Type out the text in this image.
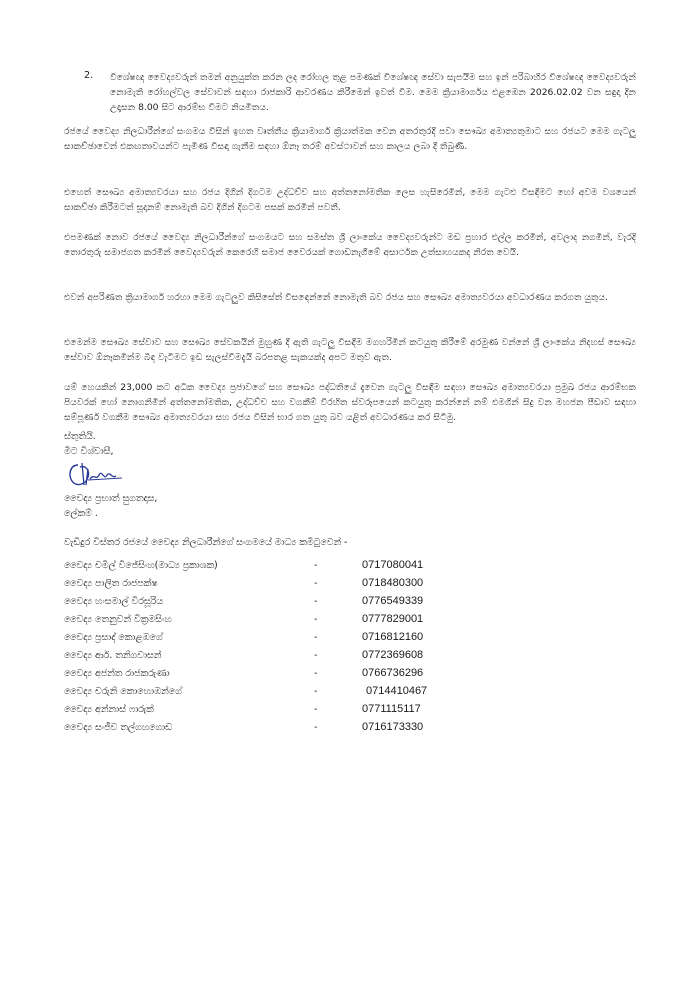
2. විශේෂඥ වෛද්‍යවරුන් තමන් අනුයුක්ත කරන ලද රෝහල තුළ පමණක් විශේෂඥ සේවා සැපයීම සහ ඉන් පරිබාහිර විශේෂඥ වෛද්‍යවරුන් නොමැති රෝහල්වල සේවාවන් සඳහා රාජකාරි ආවරණය කිරීමෙන් ඉවත් වීම. මෙම ක්‍රියාමාර්ගය එළඹෙන 2026.02.02 වන සඳුදා දින උදෑසන 8.00 සිට ආරම්භ වීමට නියමිතය.

රජයේ වෛද්‍ය නිලධාරීන්ගේ සංගමය විසින් ඉහත වෘත්තීය ක්‍රියාමාර්ග ක්‍රියාත්මක වෙන අතරතුරදී පවා සෞඛ්‍ය අමාත්‍යතුමාට සහ රජයට මෙම ගැටලු සාකච්ඡාවෙන් එකඟතාවයන්ට පැමිණ විසඳා ගැනීම සඳහා ඕනෑ තරම් අවස්ථාවන් සහ කාලය ලබා දී තිබුණි.

එහෙත් සෞඛ්‍ය අමාත්‍යවරයා සහ රජය දිගින් දිගටම උද්ධච්ච සහ අත්තනෝමතික ලෙස හැසිරෙමින්, මෙම ගැටළු විසඳීමට හෝ අවම වශයෙන් සාකච්ඡා කිරීමටත් සූදානම් නොමැති බව දිගින් දිගටම පසක් කරමින් පවතී.

එපමණක් නොව රජයේ වෛද්‍ය නිලධාරීන්ගේ සංගමයට සහ සමස්ත ශ්‍රී ලාංකේය වෛද්‍යවරුන්ට මඩ ප්‍රහාර එල්ල කරමින්, අවලාද නගමින්, වැරදි තොරතුරු සමාජගත කරමින් වෛද්‍යවරුන් කෙරෙහි සමාජ වෛරයක් ගොඩනැගීමේ අසාර්ථක උත්සාහයකද නිරත වෙයි.

එවන් අපරිණත ක්‍රියාමාර්ග හරහා මෙම ගැටලුව කිසිසේත් විසඳෙන්නේ නොමැති බව රජය සහ සෞඛ්‍ය අමාත්‍යවරයා අවධාරණය කරගත යුතුය.

එමෙන්ම සෞඛ්‍ය සේවාව සහ සෞඛ්‍ය සේවකයින් මුහුණ දී ඇති ගැටලු විසඳීම මගහරිමින් කටයුතු කිරීමේ අරමුණ වන්නේ ශ්‍රී ලාංකේය නිදහස් සෞඛ්‍ය සේවාව ඕනෑකමින්ම බිඳ වැටීමට ඉඩ සැලස්වීමදැයි බරපතළ සැකයක්ද අපට මතුව ඇත.

යම් හෙයකින් 23,000 කට අධික වෛද්‍ය ප්‍රජාවගේ සහ සෞඛ්‍ය පද්ධතියේ දැවෙන ගැටලු විසඳීම සඳහා සෞඛ්‍ය අමාත්‍යවරයා ප්‍රමුඛ රජය ආරම්භක පියවරක් හෝ නොගනිමින් අත්තනෝමතික, උද්ධච්ච සහ වගකීම් විරහිත ස්වරූපයෙන් කටයුතු කරන්නේ නම් එමගින් සිදු වන මහජන පීඩාව සඳහා සම්පූර්ණ වගකීම සෞඛ්‍ය අමාත්‍යවරයා සහ රජය විසින් භාර ගත යුතු බව යළිත් අවධාරණය කර සිටිමු.

ස්තුතියි.

මීට විශ්වාසී,

වෛද්‍ය ප්‍රභාත් සුගතදාස,

ලේකම් .

වැඩිදුර විස්තර රජයේ වෛද්‍ය නිලධාරීන්ගේ සංගමයේ මාධ්‍ය කමිටුවෙන් -

වෛද්‍ය චමිල් විජේසිංහ(මාධ්‍ය ප්‍රකාශක)	-	0717080041
වෛද්‍ය පාලිත රාජපක්ෂ	-	0718480300
වෛද්‍ය හංසමාල් විරසූරිය	-	0776549339
වෛද්‍ය තෙනුවන් වික්‍රමසිංහ	-	0777829001
වෛද්‍ය ප්‍රසාද් කොළඹගේ	-	0716812160
වෛද්‍ය ආර්. තනිගවාසන්	-	0772369608
වෛද්‍ය අජන්ත රාජකරුණා	-	0766736296
වෛද්‍ය චරුනි කොහොඹන්ගේ	-	0714410467
වෛද්‍ය අන්නාස් ෆාරුක්	-	0771115117
වෛද්‍ය සංජීව තල්ගහගොඩ	-	0716173330
